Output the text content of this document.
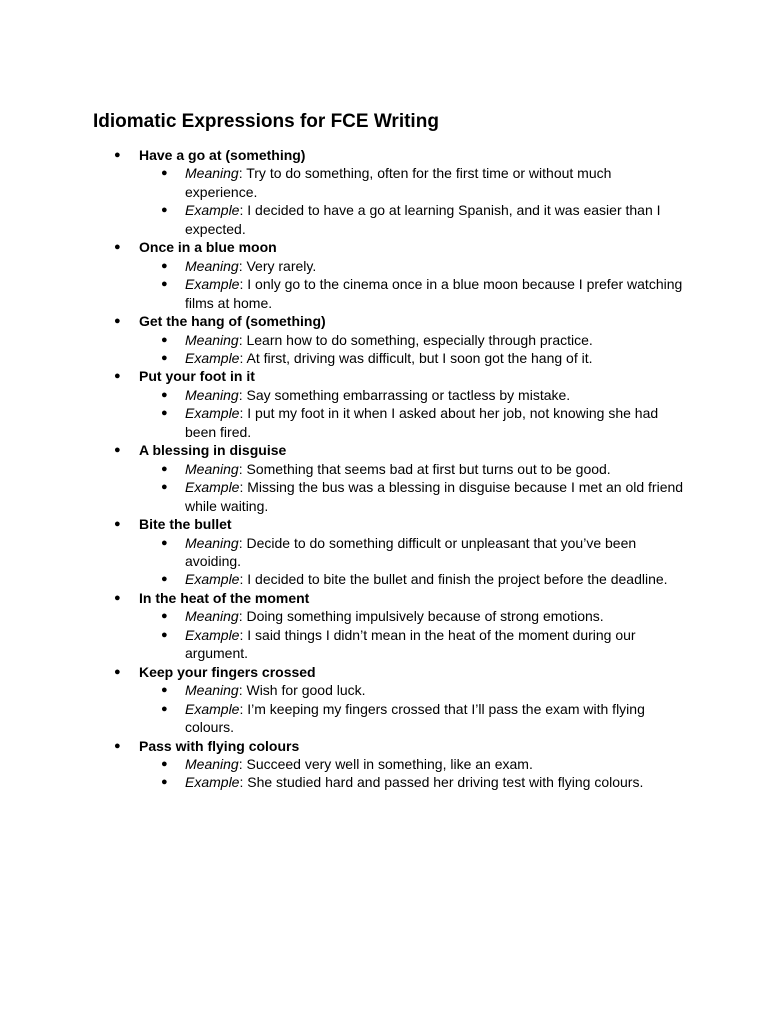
Idiomatic Expressions for FCE Writing
● Have a go at (something)
● Meaning: Try to do something, often for the first time or without much experience.
● Example: I decided to have a go at learning Spanish, and it was easier than I expected.
● Once in a blue moon
● Meaning: Very rarely.
● Example: I only go to the cinema once in a blue moon because I prefer watching films at home.
● Get the hang of (something)
● Meaning: Learn how to do something, especially through practice.
● Example: At first, driving was difficult, but I soon got the hang of it.
● Put your foot in it
● Meaning: Say something embarrassing or tactless by mistake.
● Example: I put my foot in it when I asked about her job, not knowing she had been fired.
● A blessing in disguise
● Meaning: Something that seems bad at first but turns out to be good.
● Example: Missing the bus was a blessing in disguise because I met an old friend while waiting.
● Bite the bullet
● Meaning: Decide to do something difficult or unpleasant that you’ve been avoiding.
● Example: I decided to bite the bullet and finish the project before the deadline.
● In the heat of the moment
● Meaning: Doing something impulsively because of strong emotions.
● Example: I said things I didn’t mean in the heat of the moment during our argument.
● Keep your fingers crossed
● Meaning: Wish for good luck.
● Example: I’m keeping my fingers crossed that I’ll pass the exam with flying colours.
● Pass with flying colours
● Meaning: Succeed very well in something, like an exam.
● Example: She studied hard and passed her driving test with flying colours.
